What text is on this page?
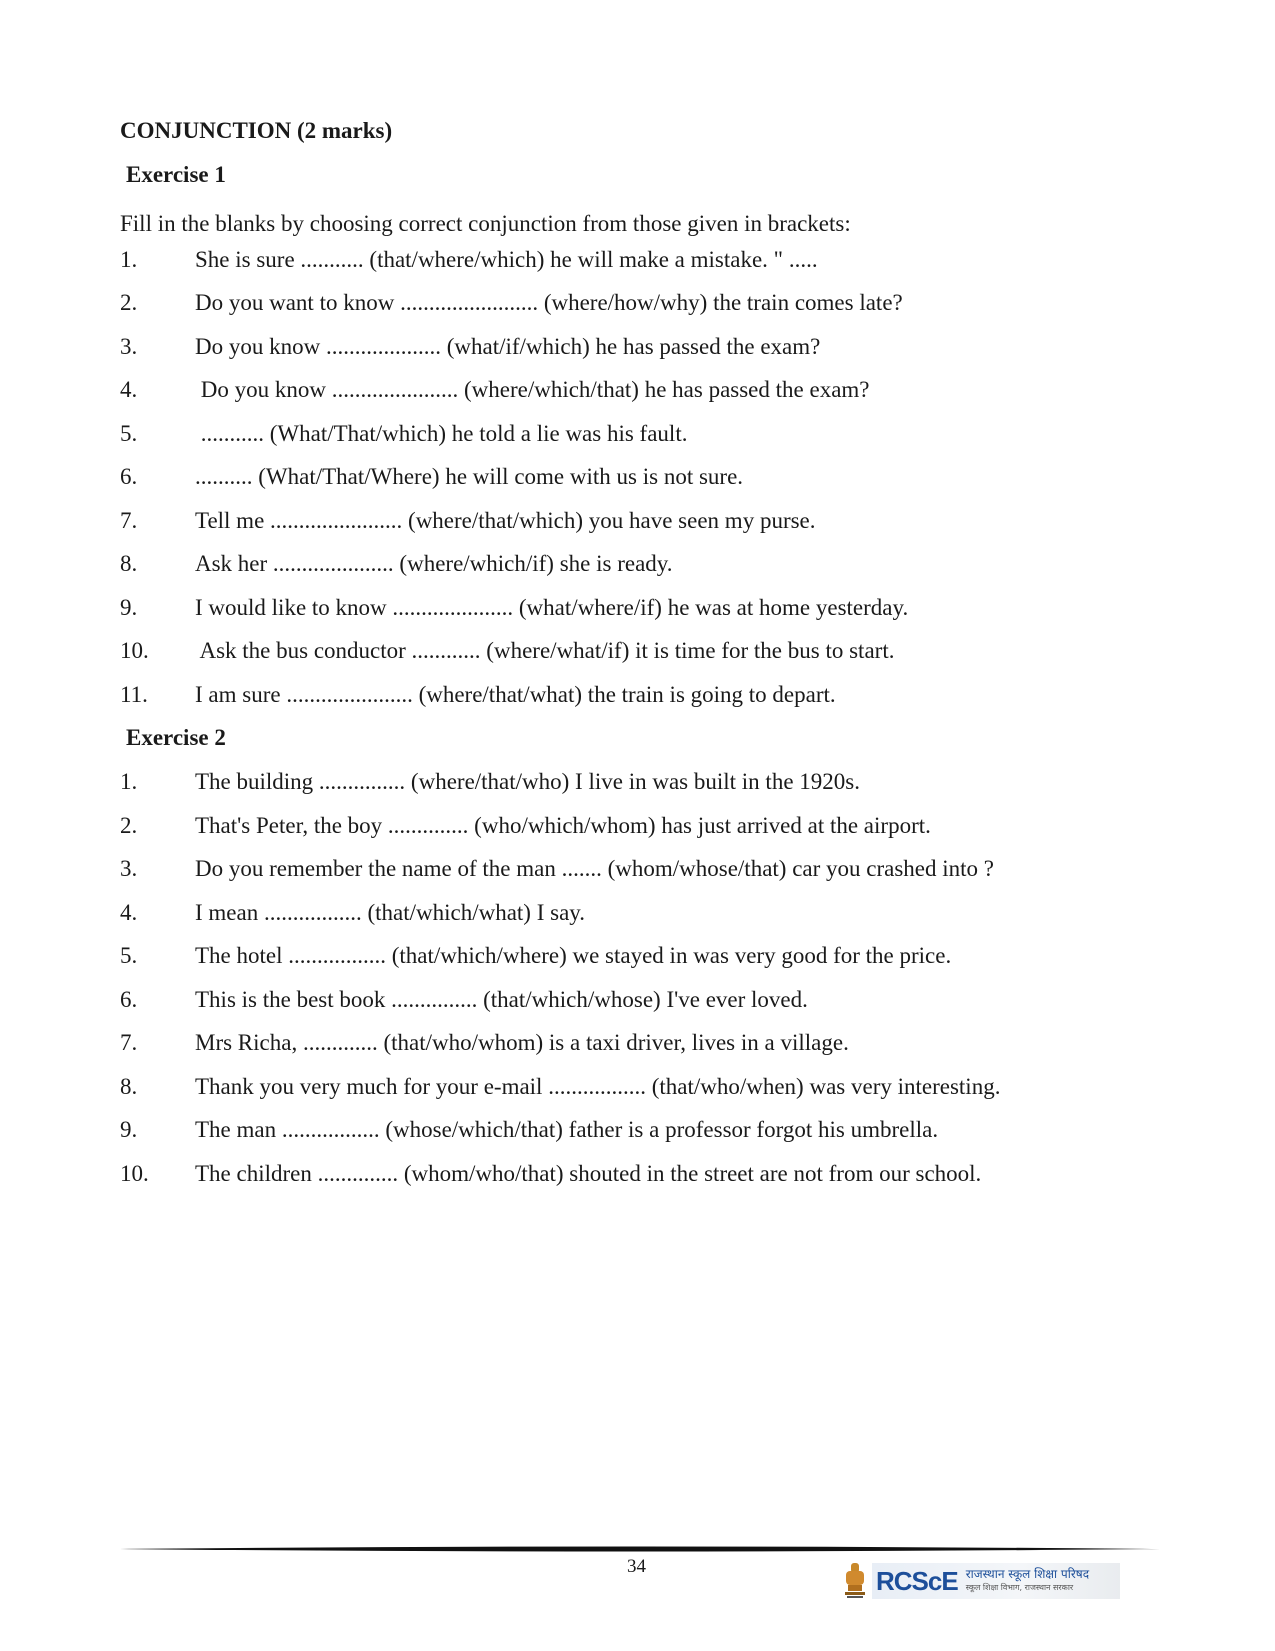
CONJUNCTION (2 marks)
Exercise 1
Fill in the blanks by choosing correct conjunction from those given in brackets:
1.	She is sure ........... (that/where/which) he will make a mistake. " .....
2.	Do you want to know ........................ (where/how/why) the train comes late?
3.	Do you know .................... (what/if/which) he has passed the exam?
4.	Do you know ...................... (where/which/that) he has passed the exam?
5.	........... (What/That/which) he told a lie was his fault.
6.	.......... (What/That/Where) he will come with us is not sure.
7.	Tell me ....................... (where/that/which) you have seen my purse.
8.	Ask her ..................... (where/which/if) she is ready.
9.	I would like to know ..................... (what/where/if) he was at home yesterday.
10. Ask the bus conductor ............ (where/what/if) it is time for the bus to start.
11. I am sure ...................... (where/that/what) the train is going to depart.
Exercise 2
1.	The building ............... (where/that/who) I live in was built in the 1920s.
2.	That's Peter, the boy .............. (who/which/whom) has just arrived at the airport.
3.	Do you remember the name of the man ....... (whom/whose/that) car you crashed into ?
4.	I mean ................. (that/which/what) I say.
5.	The hotel ................. (that/which/where) we stayed in was very good for the price.
6.	This is the best book ............... (that/which/whose) I've ever loved.
7.	Mrs Richa, ............. (that/who/whom) is a taxi driver, lives in a village.
8.	Thank you very much for your e-mail ................. (that/who/when) was very interesting.
9.	The man ................. (whose/which/that) father is a professor forgot his umbrella.
10. The children .............. (whom/who/that) shouted in the street are not from our school.
34	RCScE राजस्थान स्कूल शिक्षा परिषद
स्कूल शिक्षा विभाग, राजस्थान सरकार
